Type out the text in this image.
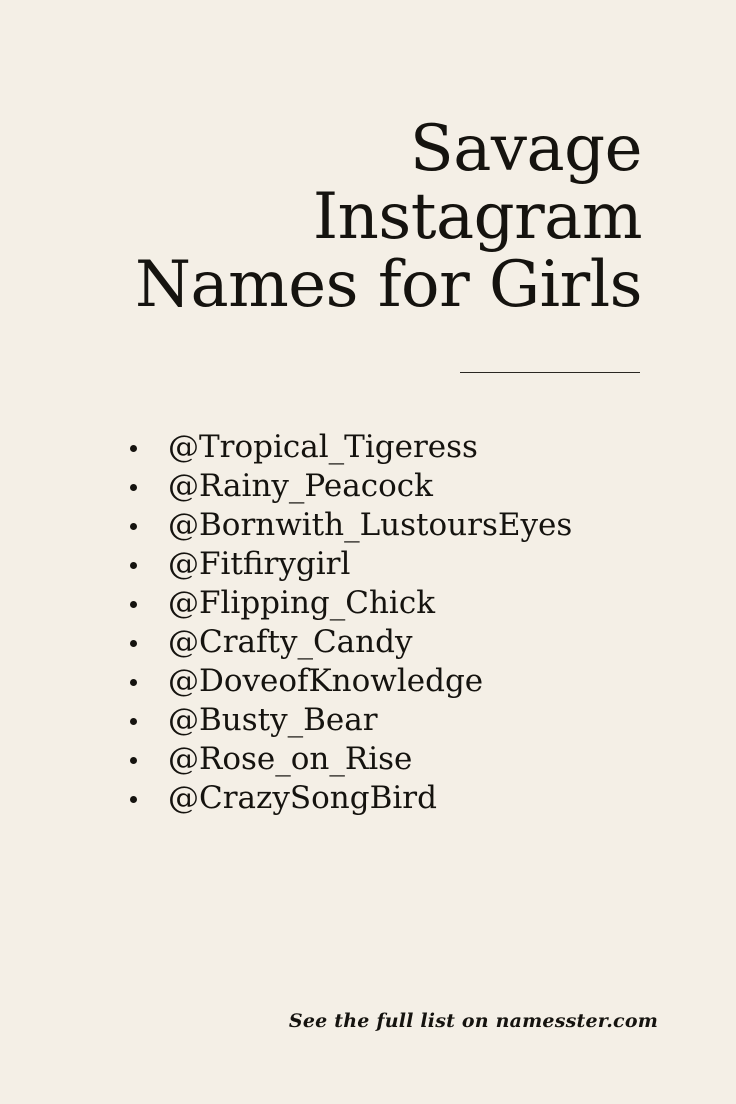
Savage
Instagram
Names for Girls
@Tropical_Tigeress
@Rainy_Peacock
@Bornwith_LustoursEyes
@Fitfirygirl
@Flipping_Chick
@Crafty_Candy
@DoveofKnowledge
@Busty_Bear
@Rose_on_Rise
@CrazySongBird
See the full list on namesster.com
